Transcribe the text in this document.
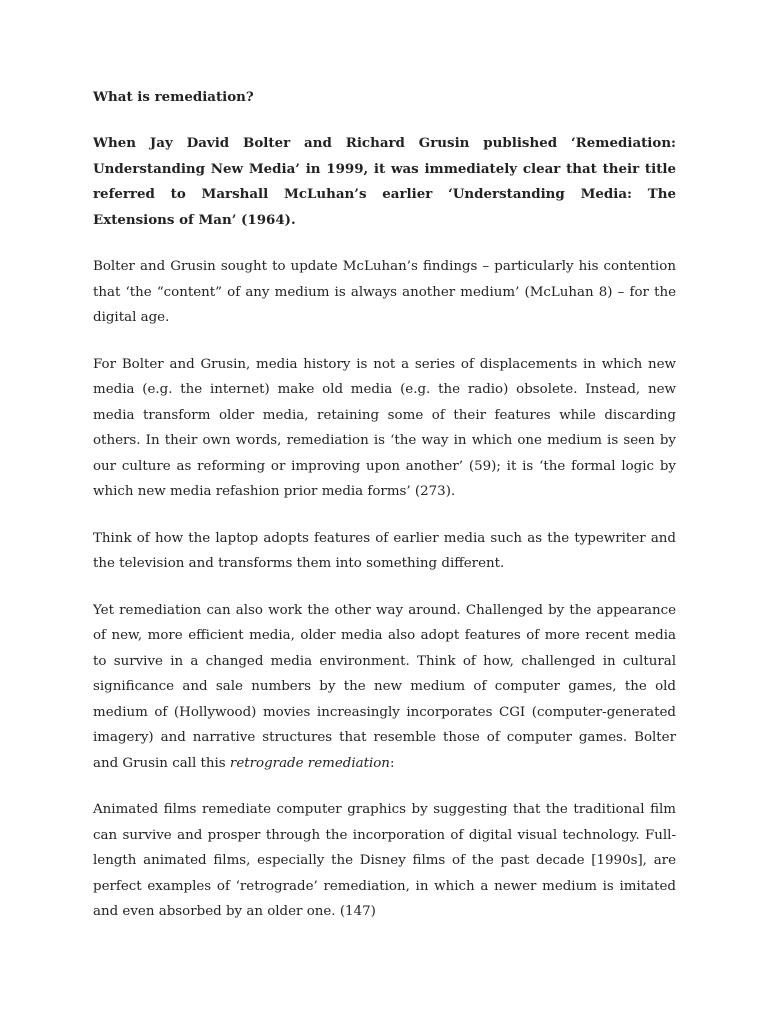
What is remediation?
When Jay David Bolter and Richard Grusin published ‘Remediation: Understanding New Media’ in 1999, it was immediately clear that their title referred to Marshall McLuhan’s earlier ‘Understanding Media: The Extensions of Man’ (1964).

Bolter and Grusin sought to update McLuhan’s findings – particularly his contention that ‘the “content” of any medium is always another medium’ (McLuhan 8) – for the digital age.

For Bolter and Grusin, media history is not a series of displacements in which new media (e.g. the internet) make old media (e.g. the radio) obsolete. Instead, new media transform older media, retaining some of their features while discarding others. In their own words, remediation is ‘the way in which one medium is seen by our culture as reforming or improving upon another’ (59); it is ‘the formal logic by which new media refashion prior media forms’ (273).

Think of how the laptop adopts features of earlier media such as the typewriter and the television and transforms them into something different.

Yet remediation can also work the other way around. Challenged by the appearance of new, more efficient media, older media also adopt features of more recent media to survive in a changed media environment. Think of how, challenged in cultural significance and sale numbers by the new medium of computer games, the old medium of (Hollywood) movies increasingly incorporates CGI (computer-generated imagery) and narrative structures that resemble those of computer games. Bolter and Grusin call this retrograde remediation:

Animated films remediate computer graphics by suggesting that the traditional film can survive and prosper through the incorporation of digital visual technology. Full-length animated films, especially the Disney films of the past decade [1990s], are perfect examples of ‘retrograde’ remediation, in which a newer medium is imitated and even absorbed by an older one. (147)
